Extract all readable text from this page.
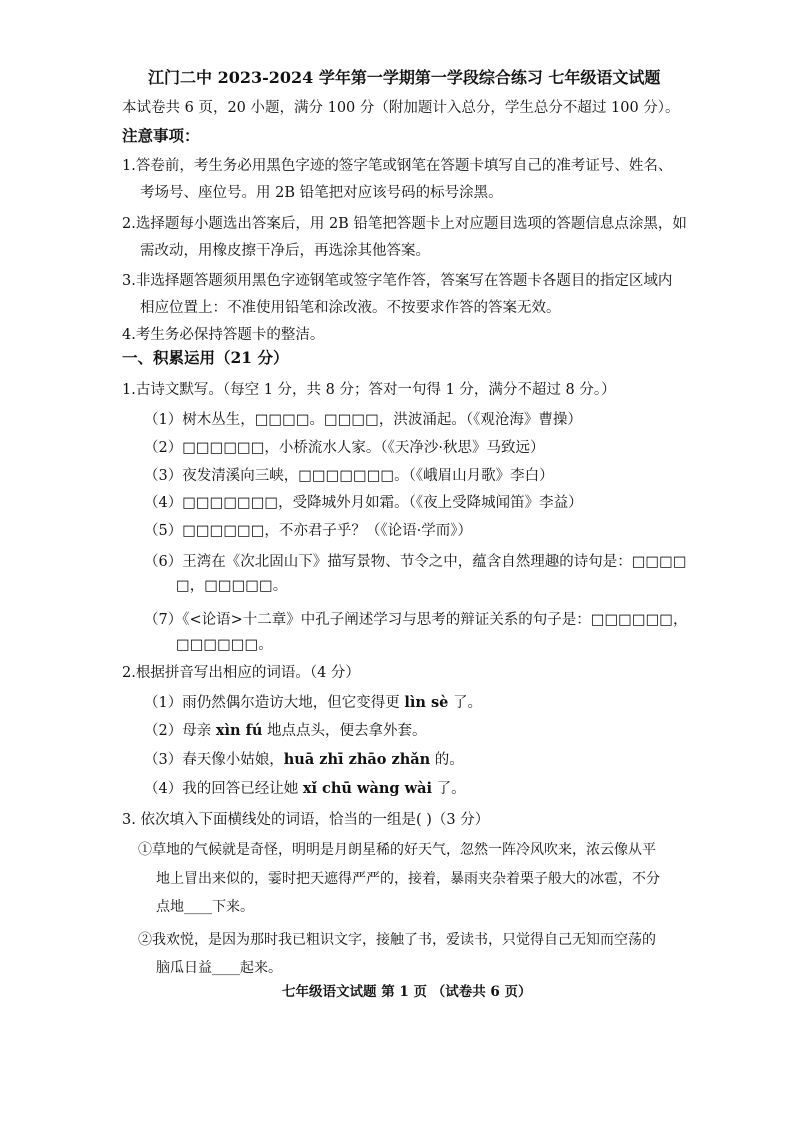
江门二中 2023-2024 学年第一学期第一学段综合练习 七年级语文试题
本试卷共 6 页，20 小题，满分 100 分（附加题计入总分，学生总分不超过 100 分）。
注意事项：
1.答卷前，考生务必用黑色字迹的签字笔或钢笔在答题卡填写自己的准考证号、姓名、
考场号、座位号。用 2B 铅笔把对应该号码的标号涂黑。
2.选择题每小题选出答案后，用 2B 铅笔把答题卡上对应题目选项的答题信息点涂黑，如
需改动，用橡皮擦干净后，再选涂其他答案。
3.非选择题答题须用黑色字迹钢笔或签字笔作答，答案写在答题卡各题目的指定区域内
相应位置上：不准使用铅笔和涂改液。不按要求作答的答案无效。
4.考生务必保持答题卡的整洁。
一、积累运用（21 分）
1.古诗文默写。（每空 1 分，共 8 分；答对一句得 1 分，满分不超过 8 分。）
（1）树木丛生，□□□□。□□□□，洪波涌起。（《观沧海》曹操）
（2）□□□□□□，小桥流水人家。（《天净沙·秋思》马致远）
（3）夜发清溪向三峡，□□□□□□□。（《峨眉山月歌》李白）
（4）□□□□□□□，受降城外月如霜。（《夜上受降城闻笛》李益）
（5）□□□□□□，不亦君子乎？（《论语·学而》）
（6）王湾在《次北固山下》描写景物、节令之中，蕴含自然理趣的诗句是：□□□□
□，□□□□□。
（7）《<论语>十二章》中孔子阐述学习与思考的辩证关系的句子是：□□□□□□，
□□□□□□。
2.根据拼音写出相应的词语。（4 分）
（1）雨仍然偶尔造访大地，但它变得更 lìn sè 了。
（2）母亲 xìn fú 地点点头，便去拿外套。
（3）春天像小姑娘，huā zhī zhāo zhǎn 的。
（4）我的回答已经让她 xǐ chū wàng wài 了。
3. 依次填入下面横线处的词语，恰当的一组是( )（3 分）
①草地的气候就是奇怪，明明是月朗星稀的好天气，忽然一阵冷风吹来，浓云像从平
地上冒出来似的，霎时把天遮得严严的，接着，暴雨夹杂着栗子般大的冰雹，不分
点地____下来。
②我欢悦，是因为那时我已粗识文字，接触了书，爱读书，只觉得自己无知而空荡的
脑瓜日益____起来。
七年级语文试题 第 1 页 （试卷共 6 页）
